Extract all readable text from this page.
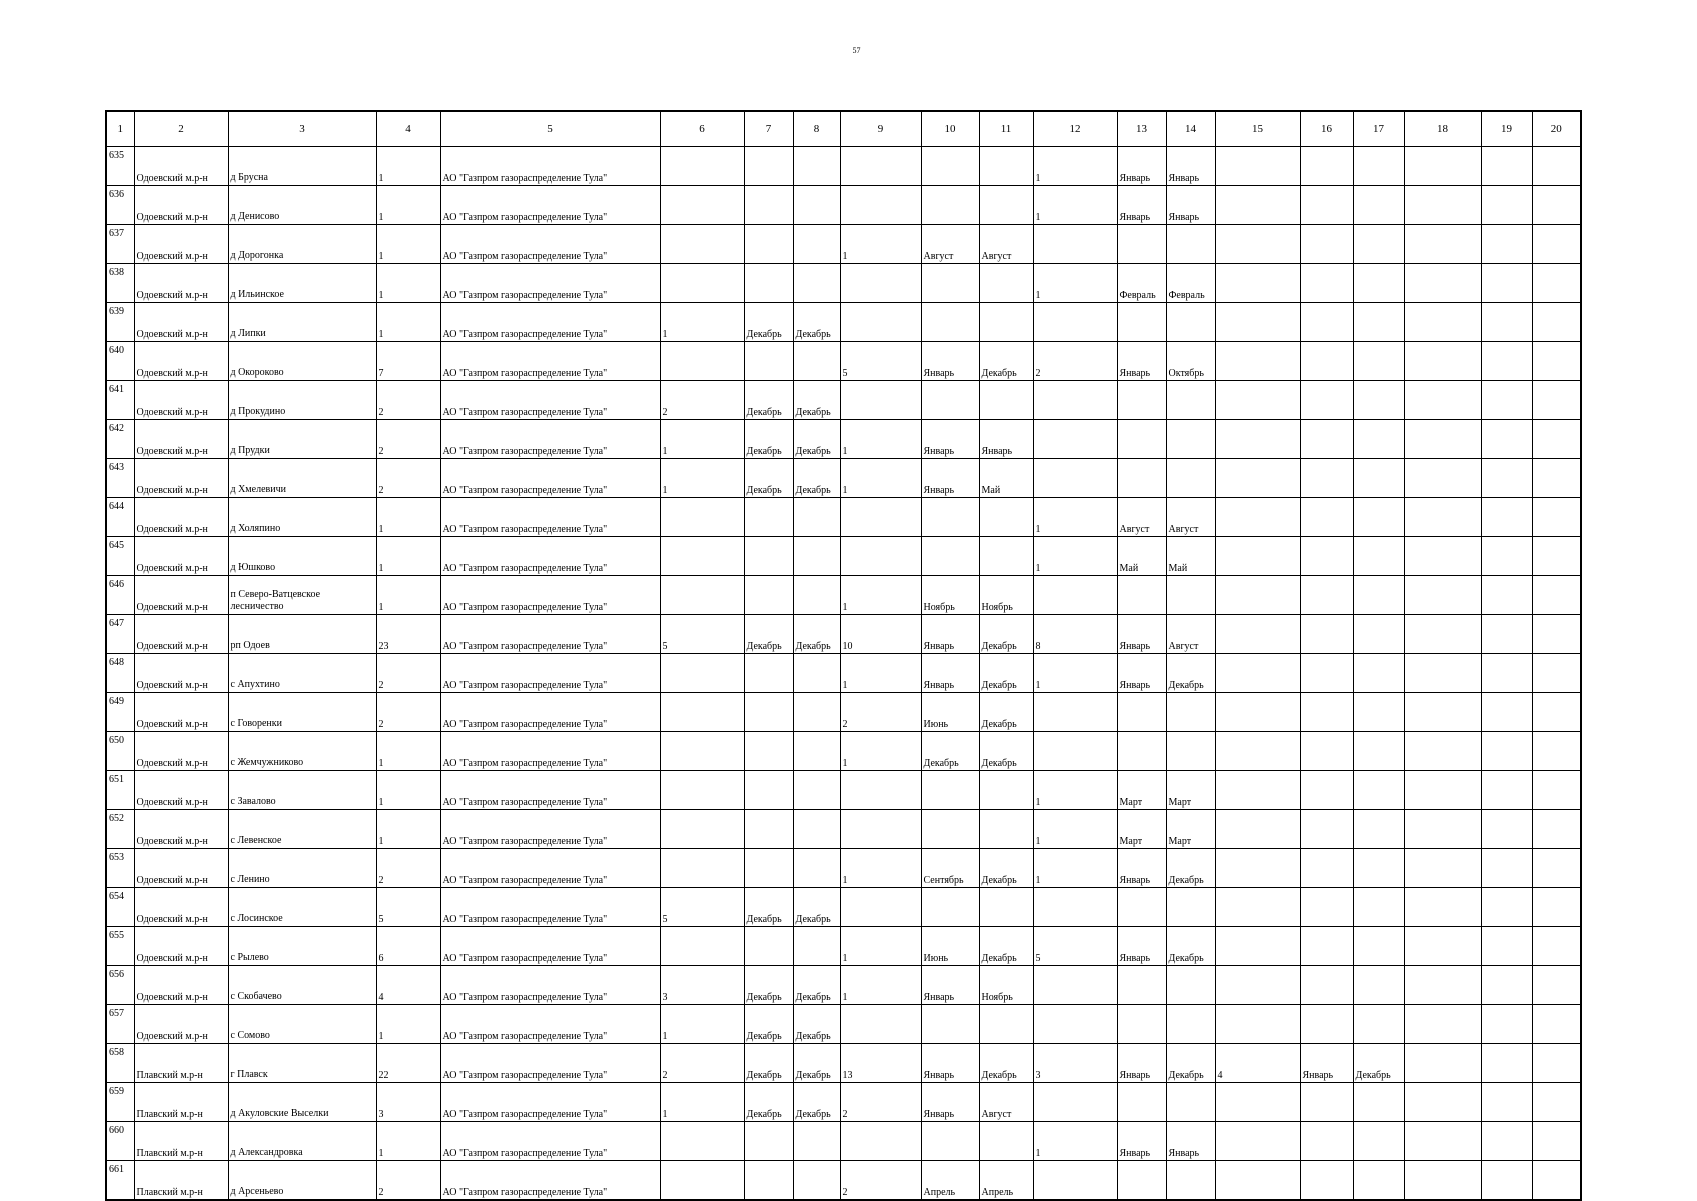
57
1	2	3	4	5	6	7	8	9	10	11	12	13	14	15	16	17	18	19	20
635	Одоевский м.р-н	д Брусна	1	АО "Газпром газораспределение Тула"							1	Январь	Январь						
636	Одоевский м.р-н	д Денисово	1	АО "Газпром газораспределение Тула"							1	Январь	Январь						
637	Одоевский м.р-н	д Дорогонка	1	АО "Газпром газораспределение Тула"				1	Август	Август									
638	Одоевский м.р-н	д Ильинское	1	АО "Газпром газораспределение Тула"							1	Февраль	Февраль						
639	Одоевский м.р-н	д Липки	1	АО "Газпром газораспределение Тула"	1	Декабрь	Декабрь												
640	Одоевский м.р-н	д Окороково	7	АО "Газпром газораспределение Тула"				5	Январь	Декабрь	2	Январь	Октябрь						
641	Одоевский м.р-н	д Прокудино	2	АО "Газпром газораспределение Тула"	2	Декабрь	Декабрь												
642	Одоевский м.р-н	д Прудки	2	АО "Газпром газораспределение Тула"	1	Декабрь	Декабрь	1	Январь	Январь									
643	Одоевский м.р-н	д Хмелевичи	2	АО "Газпром газораспределение Тула"	1	Декабрь	Декабрь	1	Январь	Май									
644	Одоевский м.р-н	д Холяпино	1	АО "Газпром газораспределение Тула"							1	Август	Август						
645	Одоевский м.р-н	д Юшково	1	АО "Газпром газораспределение Тула"							1	Май	Май						
646	Одоевский м.р-н	п Северо-Ватцевское лесничество	1	АО "Газпром газораспределение Тула"				1	Ноябрь	Ноябрь									
647	Одоевский м.р-н	рп Одоев	23	АО "Газпром газораспределение Тула"	5	Декабрь	Декабрь	10	Январь	Декабрь	8	Январь	Август						
648	Одоевский м.р-н	с Апухтино	2	АО "Газпром газораспределение Тула"				1	Январь	Декабрь	1	Январь	Декабрь						
649	Одоевский м.р-н	с Говоренки	2	АО "Газпром газораспределение Тула"				2	Июнь	Декабрь									
650	Одоевский м.р-н	с Жемчужниково	1	АО "Газпром газораспределение Тула"				1	Декабрь	Декабрь									
651	Одоевский м.р-н	с Завалово	1	АО "Газпром газораспределение Тула"							1	Март	Март						
652	Одоевский м.р-н	с Левенское	1	АО "Газпром газораспределение Тула"							1	Март	Март						
653	Одоевский м.р-н	с Ленино	2	АО "Газпром газораспределение Тула"				1	Сентябрь	Декабрь	1	Январь	Декабрь						
654	Одоевский м.р-н	с Лосинское	5	АО "Газпром газораспределение Тула"	5	Декабрь	Декабрь												
655	Одоевский м.р-н	с Рылево	6	АО "Газпром газораспределение Тула"				1	Июнь	Декабрь	5	Январь	Декабрь						
656	Одоевский м.р-н	с Скобачево	4	АО "Газпром газораспределение Тула"	3	Декабрь	Декабрь	1	Январь	Ноябрь									
657	Одоевский м.р-н	с Сомово	1	АО "Газпром газораспределение Тула"	1	Декабрь	Декабрь												
658	Плавский м.р-н	г Плавск	22	АО "Газпром газораспределение Тула"	2	Декабрь	Декабрь	13	Январь	Декабрь	3	Январь	Декабрь	4	Январь	Декабрь			
659	Плавский м.р-н	д Акуловские Выселки	3	АО "Газпром газораспределение Тула"	1	Декабрь	Декабрь	2	Январь	Август									
660	Плавский м.р-н	д Александровка	1	АО "Газпром газораспределение Тула"							1	Январь	Январь						
661	Плавский м.р-н	д Арсеньево	2	АО "Газпром газораспределение Тула"				2	Апрель	Апрель									
